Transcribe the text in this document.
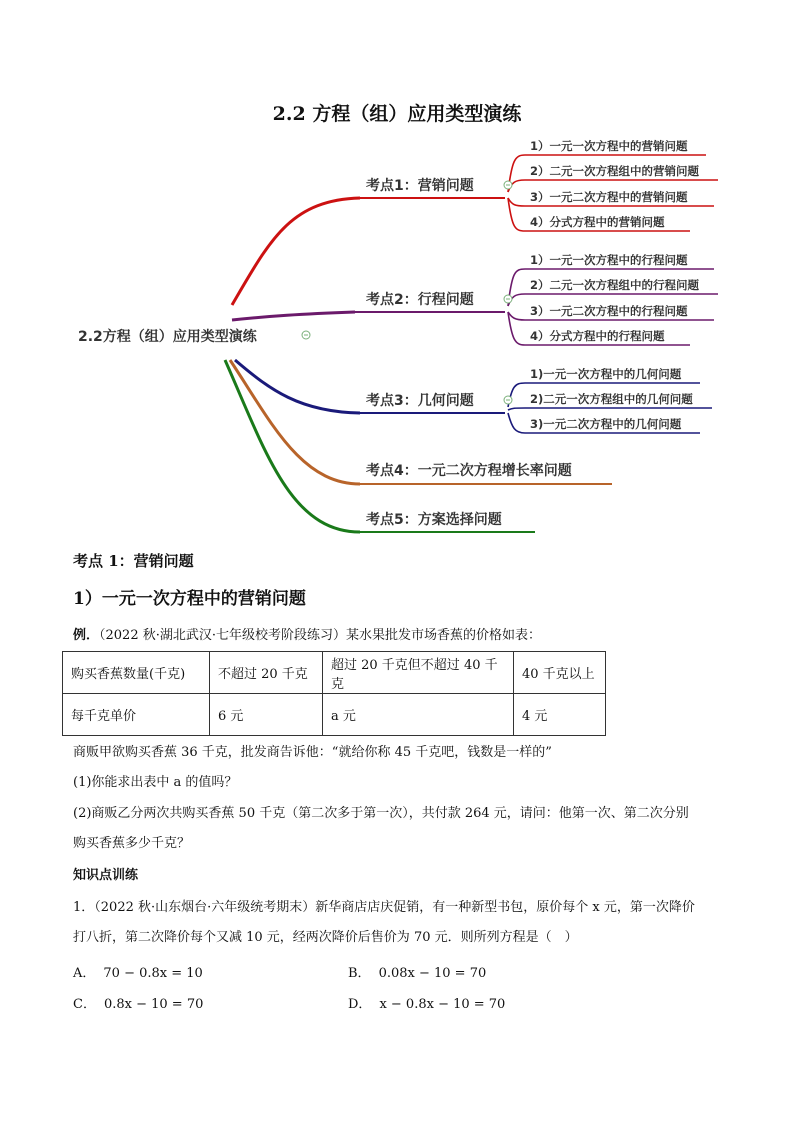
2.2 方程（组）应用类型演练
2.2方程（组）应用类型演练
考点1：营销问题
考点2：行程问题
考点3：几何问题
考点4：一元二次方程增长率问题
考点5：方案选择问题
1）一元一次方程中的营销问题
2）二元一次方程组中的营销问题
3）一元二次方程中的营销问题
4）分式方程中的营销问题
1）一元一次方程中的行程问题
2）二元一次方程组中的行程问题
3）一元二次方程中的行程问题
4）分式方程中的行程问题
1)一元一次方程中的几何问题
2)二元一次方程组中的几何问题
3)一元二次方程中的几何问题
考点 1：营销问题
1）一元一次方程中的营销问题
例．（2022 秋·湖北武汉·七年级校考阶段练习）某水果批发市场香蕉的价格如表：
购买香蕉数量(千克)	不超过 20 千克	超过 20 千克但不超过 40 千克	40 千克以上
每千克单价	6 元	a 元	4 元
商贩甲欲购买香蕉 36 千克，批发商告诉他：“就给你称 45 千克吧，钱数是一样的”
(1)你能求出表中 a 的值吗？
(2)商贩乙分两次共购买香蕉 50 千克（第二次多于第一次），共付款 264 元，请问：他第一次、第二次分别
购买香蕉多少千克？
知识点训练
1．（2022 秋·山东烟台·六年级统考期末）新华商店店庆促销，有一种新型书包，原价每个 x 元，第一次降价
打八折，第二次降价每个又减 10 元，经两次降价后售价为 70 元．则所列方程是（　）
A． 70 − 0.8x = 10	B． 0.08x − 10 = 70
C． 0.8x − 10 = 70	D． x − 0.8x − 10 = 70
